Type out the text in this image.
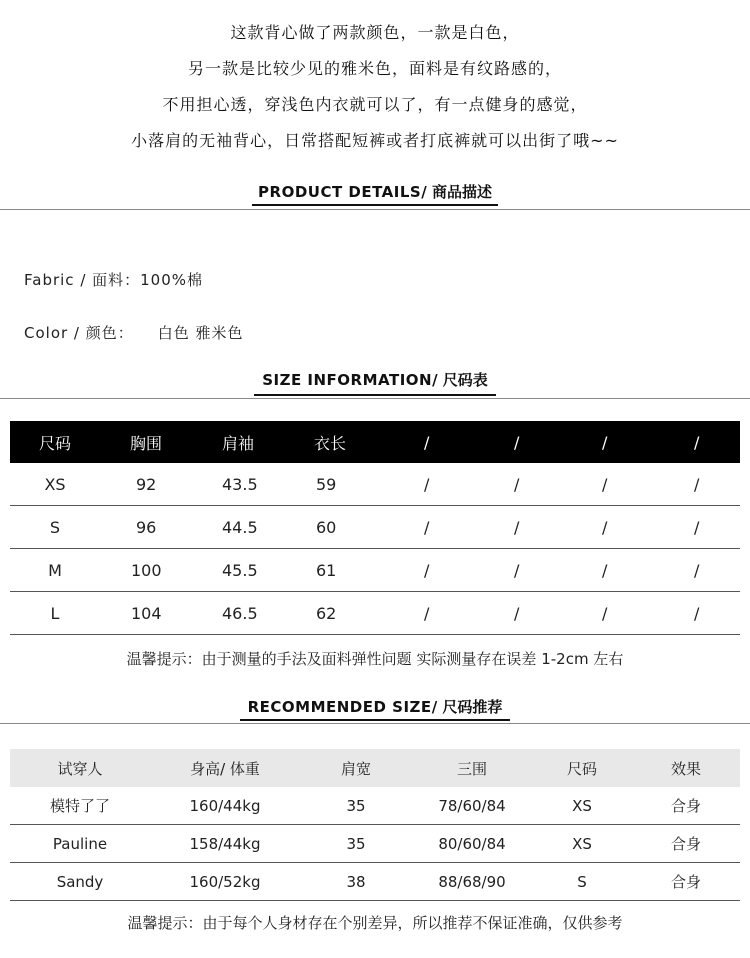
这款背心做了两款颜色，一款是白色，

另一款是比较少见的雅米色，面料是有纹路感的，

不用担心透，穿浅色内衣就可以了，有一点健身的感觉，

小落肩的无袖背心，日常搭配短裤或者打底裤就可以出街了哦~~

PRODUCT DETAILS/ 商品描述
Fabric / 面料：100%棉
Color / 颜色： 白色 雅米色
SIZE INFORMATION/ 尺码表
尺码	胸围	肩袖	衣长	/	/	/	/
XS	92	43.5	59	/	/	/	/
S	96	44.5	60	/	/	/	/
M	100	45.5	61	/	/	/	/
L	104	46.5	62	/	/	/	/
温馨提示：由于测量的手法及面料弹性问题 实际测量存在误差 1-2cm 左右
RECOMMENDED SIZE/ 尺码推荐
试穿人	身高/ 体重	肩宽	三围	尺码	效果
模特了了	160/44kg	35	78/60/84	XS	合身
Pauline	158/44kg	35	80/60/84	XS	合身
Sandy	160/52kg	38	88/68/90	S	合身
温馨提示：由于每个人身材存在个别差异，所以推荐不保证准确，仅供参考
